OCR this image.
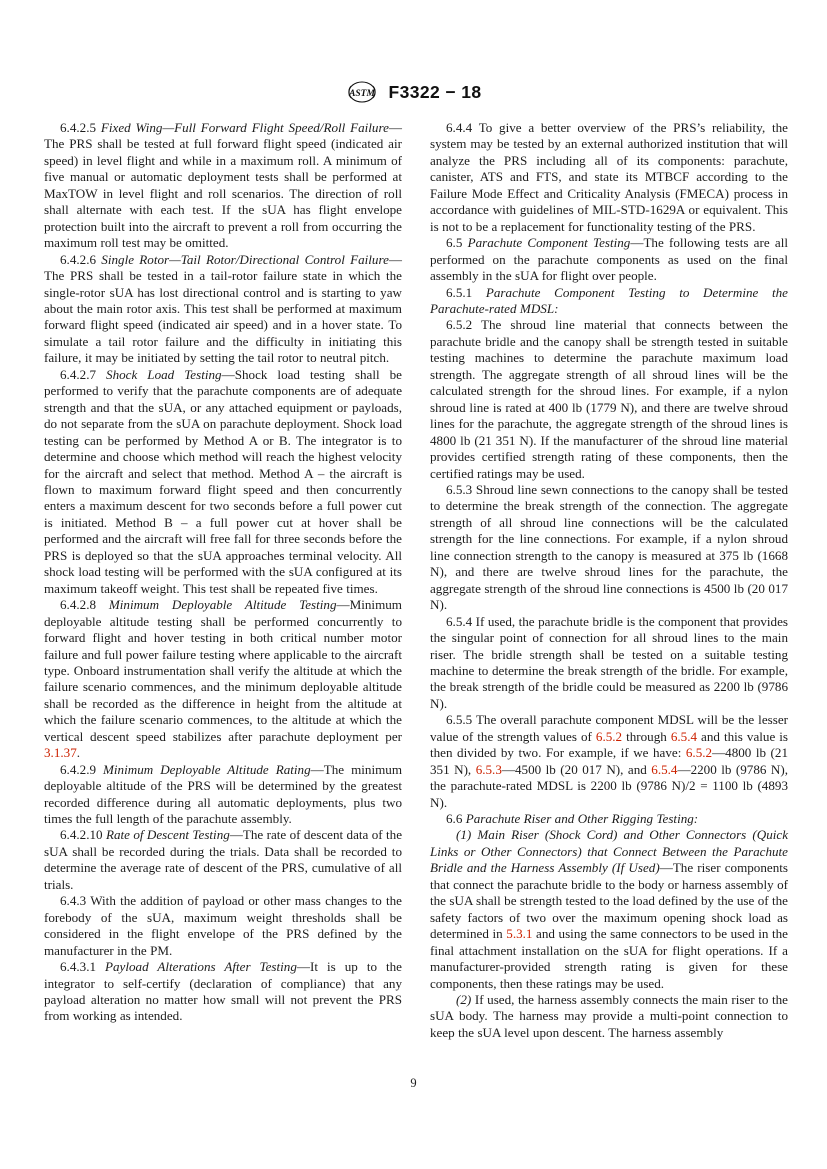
ASTM F3322 − 18

6.4.2.5 Fixed Wing—Full Forward Flight Speed/Roll Failure—The PRS shall be tested at full forward flight speed (indicated air speed) in level flight and while in a maximum roll. A minimum of five manual or automatic deployment tests shall be performed at MaxTOW in level flight and roll scenarios. The direction of roll shall alternate with each test. If the sUA has flight envelope protection built into the aircraft to prevent a roll from occurring the maximum roll test may be omitted.

6.4.2.6 Single Rotor—Tail Rotor/Directional Control Failure—The PRS shall be tested in a tail-rotor failure state in which the single-rotor sUA has lost directional control and is starting to yaw about the main rotor axis. This test shall be performed at maximum forward flight speed (indicated air speed) and in a hover state. To simulate a tail rotor failure and the difficulty in initiating this failure, it may be initiated by setting the tail rotor to neutral pitch.

6.4.2.7 Shock Load Testing—Shock load testing shall be performed to verify that the parachute components are of adequate strength and that the sUA, or any attached equipment or payloads, do not separate from the sUA on parachute deployment. Shock load testing can be performed by Method A or B. The integrator is to determine and choose which method will reach the highest velocity for the aircraft and select that method. Method A – the aircraft is flown to maximum forward flight speed and then concurrently enters a maximum descent for two seconds before a full power cut is initiated. Method B – a full power cut at hover shall be performed and the aircraft will free fall for three seconds before the PRS is deployed so that the sUA approaches terminal velocity. All shock load testing will be performed with the sUA configured at its maximum takeoff weight. This test shall be repeated five times.

6.4.2.8 Minimum Deployable Altitude Testing—Minimum deployable altitude testing shall be performed concurrently to forward flight and hover testing in both critical number motor failure and full power failure testing where applicable to the aircraft type. Onboard instrumentation shall verify the altitude at which the failure scenario commences, and the minimum deployable altitude shall be recorded as the difference in height from the altitude at which the failure scenario commences, to the altitude at which the vertical descent speed stabilizes after parachute deployment per 3.1.37.

6.4.2.9 Minimum Deployable Altitude Rating—The minimum deployable altitude of the PRS will be determined by the greatest recorded difference during all automatic deployments, plus two times the full length of the parachute assembly.

6.4.2.10 Rate of Descent Testing—The rate of descent data of the sUA shall be recorded during the trials. Data shall be recorded to determine the average rate of descent of the PRS, cumulative of all trials.

6.4.3 With the addition of payload or other mass changes to the forebody of the sUA, maximum weight thresholds shall be considered in the flight envelope of the PRS defined by the manufacturer in the PM.

6.4.3.1 Payload Alterations After Testing—It is up to the integrator to self-certify (declaration of compliance) that any payload alteration no matter how small will not prevent the PRS from working as intended.

6.4.4 To give a better overview of the PRS’s reliability, the system may be tested by an external authorized institution that will analyze the PRS including all of its components: parachute, canister, ATS and FTS, and state its MTBCF according to the Failure Mode Effect and Criticality Analysis (FMECA) process in accordance with guidelines of MIL-STD-1629A or equivalent. This is not to be a replacement for functionality testing of the PRS.

6.5 Parachute Component Testing—The following tests are all performed on the parachute components as used on the final assembly in the sUA for flight over people.

6.5.1 Parachute Component Testing to Determine the Parachute-rated MDSL:

6.5.2 The shroud line material that connects between the parachute bridle and the canopy shall be strength tested in suitable testing machines to determine the parachute maximum load strength. The aggregate strength of all shroud lines will be the calculated strength for the shroud lines. For example, if a nylon shroud line is rated at 400 lb (1779 N), and there are twelve shroud lines for the parachute, the aggregate strength of the shroud lines is 4800 lb (21 351 N). If the manufacturer of the shroud line material provides certified strength rating of these components, then the certified ratings may be used.

6.5.3 Shroud line sewn connections to the canopy shall be tested to determine the break strength of the connection. The aggregate strength of all shroud line connections will be the calculated strength for the line connections. For example, if a nylon shroud line connection strength to the canopy is measured at 375 lb (1668 N), and there are twelve shroud lines for the parachute, the aggregate strength of the shroud line connections is 4500 lb (20 017 N).

6.5.4 If used, the parachute bridle is the component that provides the singular point of connection for all shroud lines to the main riser. The bridle strength shall be tested on a suitable testing machine to determine the break strength of the bridle. For example, the break strength of the bridle could be measured as 2200 lb (9786 N).

6.5.5 The overall parachute component MDSL will be the lesser value of the strength values of 6.5.2 through 6.5.4 and this value is then divided by two. For example, if we have: 6.5.2—4800 lb (21 351 N), 6.5.3—4500 lb (20 017 N), and 6.5.4—2200 lb (9786 N), the parachute-rated MDSL is 2200 lb (9786 N)/2 = 1100 lb (4893 N).

6.6 Parachute Riser and Other Rigging Testing:

(1) Main Riser (Shock Cord) and Other Connectors (Quick Links or Other Connectors) that Connect Between the Parachute Bridle and the Harness Assembly (If Used)—The riser components that connect the parachute bridle to the body or harness assembly of the sUA shall be strength tested to the load defined by the use of the safety factors of two over the maximum opening shock load as determined in 5.3.1 and using the same connectors to be used in the final attachment installation on the sUA for flight operations. If a manufacturer-provided strength rating is given for these components, then these ratings may be used.

(2) If used, the harness assembly connects the main riser to the sUA body. The harness may provide a multi-point connection to keep the sUA level upon descent. The harness assembly

9
